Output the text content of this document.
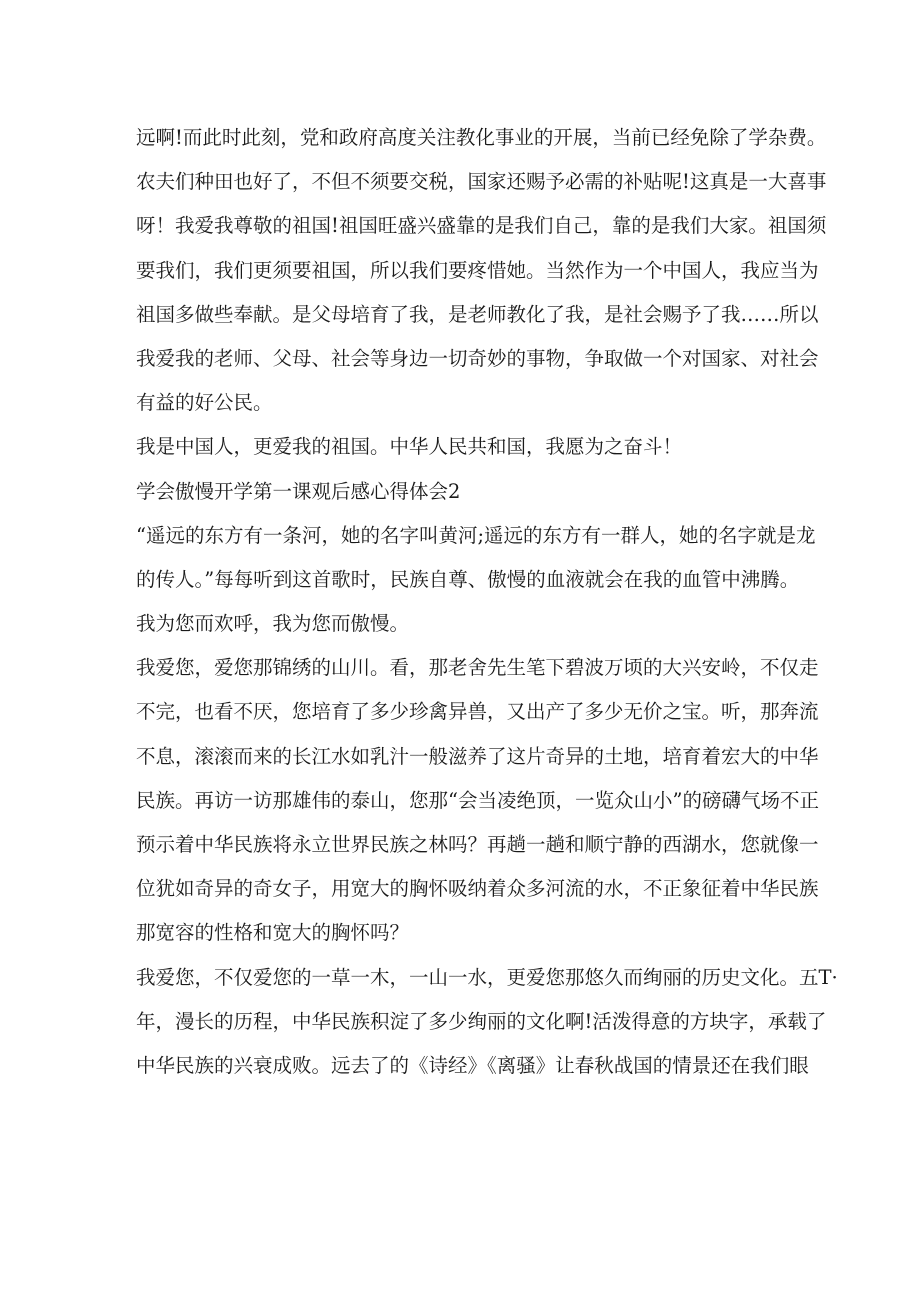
远啊!而此时此刻，党和政府高度关注教化事业的开展，当前已经免除了学杂费。
农夫们种田也好了，不但不须要交税，国家还赐予必需的补贴呢!这真是一大喜事
呀！我爱我尊敬的祖国!祖国旺盛兴盛靠的是我们自己，靠的是我们大家。祖国须
要我们，我们更须要祖国，所以我们要疼惜她。当然作为一个中国人，我应当为
祖国多做些奉献。是父母培育了我，是老师教化了我，是社会赐予了我……所以
我爱我的老师、父母、社会等身边一切奇妙的事物，争取做一个对国家、对社会
有益的好公民。
我是中国人，更爱我的祖国。中华人民共和国，我愿为之奋斗！
学会傲慢开学第一课观后感心得体会2
“遥远的东方有一条河，她的名字叫黄河;遥远的东方有一群人，她的名字就是龙
的传人。”每每听到这首歌时，民族自尊、傲慢的血液就会在我的血管中沸腾。
我为您而欢呼，我为您而傲慢。
我爱您，爱您那锦绣的山川。看，那老舍先生笔下碧波万顷的大兴安岭，不仅走
不完，也看不厌，您培育了多少珍禽异兽，又出产了多少无价之宝。听，那奔流
不息，滚滚而来的长江水如乳汁一般滋养了这片奇异的土地，培育着宏大的中华
民族。再访一访那雄伟的泰山，您那“会当凌绝顶，一览众山小”的磅礴气场不正
预示着中华民族将永立世界民族之林吗？再趟一趟和顺宁静的西湖水，您就像一
位犹如奇异的奇女子，用宽大的胸怀吸纳着众多河流的水，不正象征着中华民族
那宽容的性格和宽大的胸怀吗？
我爱您，不仅爱您的一草一木，一山一水，更爱您那悠久而绚丽的历史文化。五T·
年，漫长的历程，中华民族积淀了多少绚丽的文化啊!活泼得意的方块字，承载了
中华民族的兴衰成败。远去了的《诗经》《离骚》让春秋战国的情景还在我们眼
